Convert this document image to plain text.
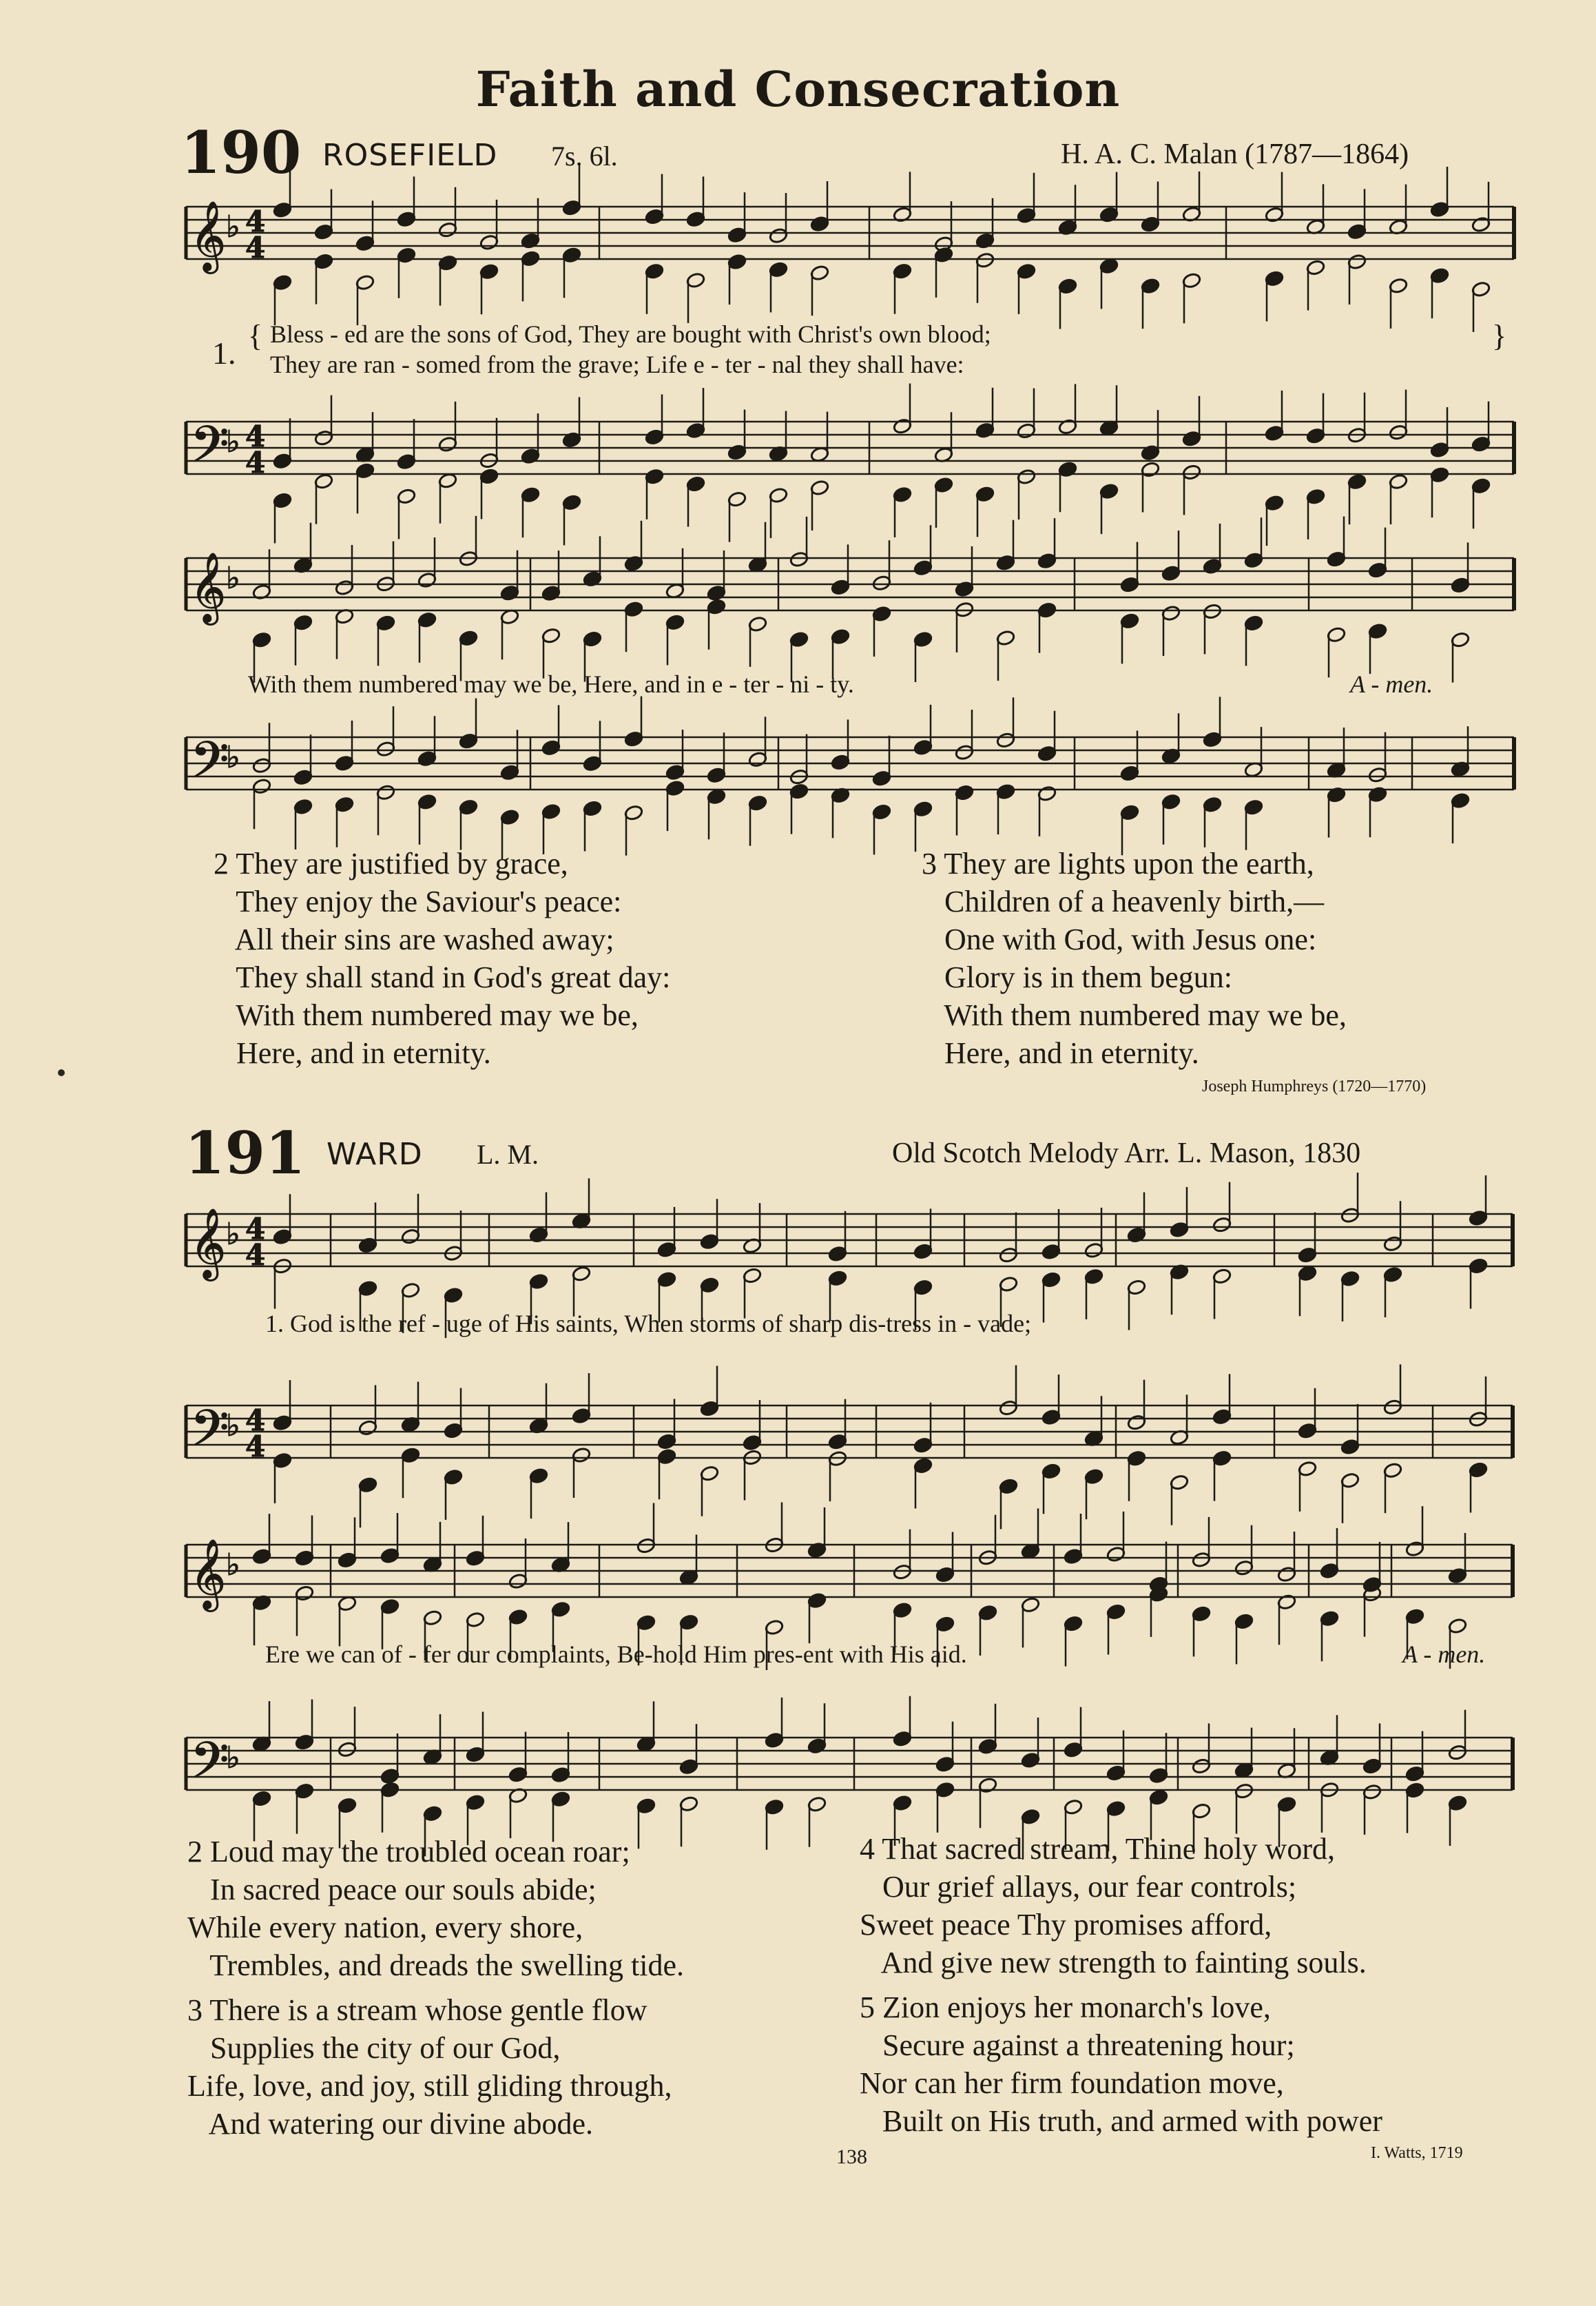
Faith and Consecration
190 ROSEFIELD 7s. 6l.	H. A. C. Malan (1787—1864)
𝄞 ♭ 4
4
𝄢
♭ 4
4
𝄞 ♭
𝄢
♭
𝄞 ♭ 4
4
𝄢
♭ 4
4
𝄞 ♭
𝄢
♭
1. { Bless - ed are the sons of God, They are bought with Christ's own blood;
They are ran - somed from the grave; Life e - ter - nal they shall have:
}
With them numbered may we be, Here, and in e - ter - ni - ty.	A - men.
2 They are justified by grace,
They enjoy the Saviour's peace:
All their sins are washed away;
They shall stand in God's great day:
With them numbered may we be,
Here, and in eternity.
3 They are lights upon the earth,
Children of a heavenly birth,—
One with God, with Jesus one:
Glory is in them begun:
With them numbered may we be,
Here, and in eternity.
Joseph Humphreys (1720—1770)
191 WARD L. M.	Old Scotch Melody Arr. L. Mason, 1830
1. God is the ref - uge of His saints, When storms of sharp dis-tress in - vade;
Ere we can of - fer our complaints, Be-hold Him pres-ent with His aid.	A - men.
2 Loud may the troubled ocean roar;
In sacred peace our souls abide;
While every nation, every shore,
Trembles, and dreads the swelling tide.
3 There is a stream whose gentle flow
Supplies the city of our God,
Life, love, and joy, still gliding through,
And watering our divine abode.
4 That sacred stream, Thine holy word,
Our grief allays, our fear controls;
Sweet peace Thy promises afford,
And give new strength to fainting souls.
5 Zion enjoys her monarch's love,
Secure against a threatening hour;
Nor can her firm foundation move,
Built on His truth, and armed with power
138	I. Watts, 1719
